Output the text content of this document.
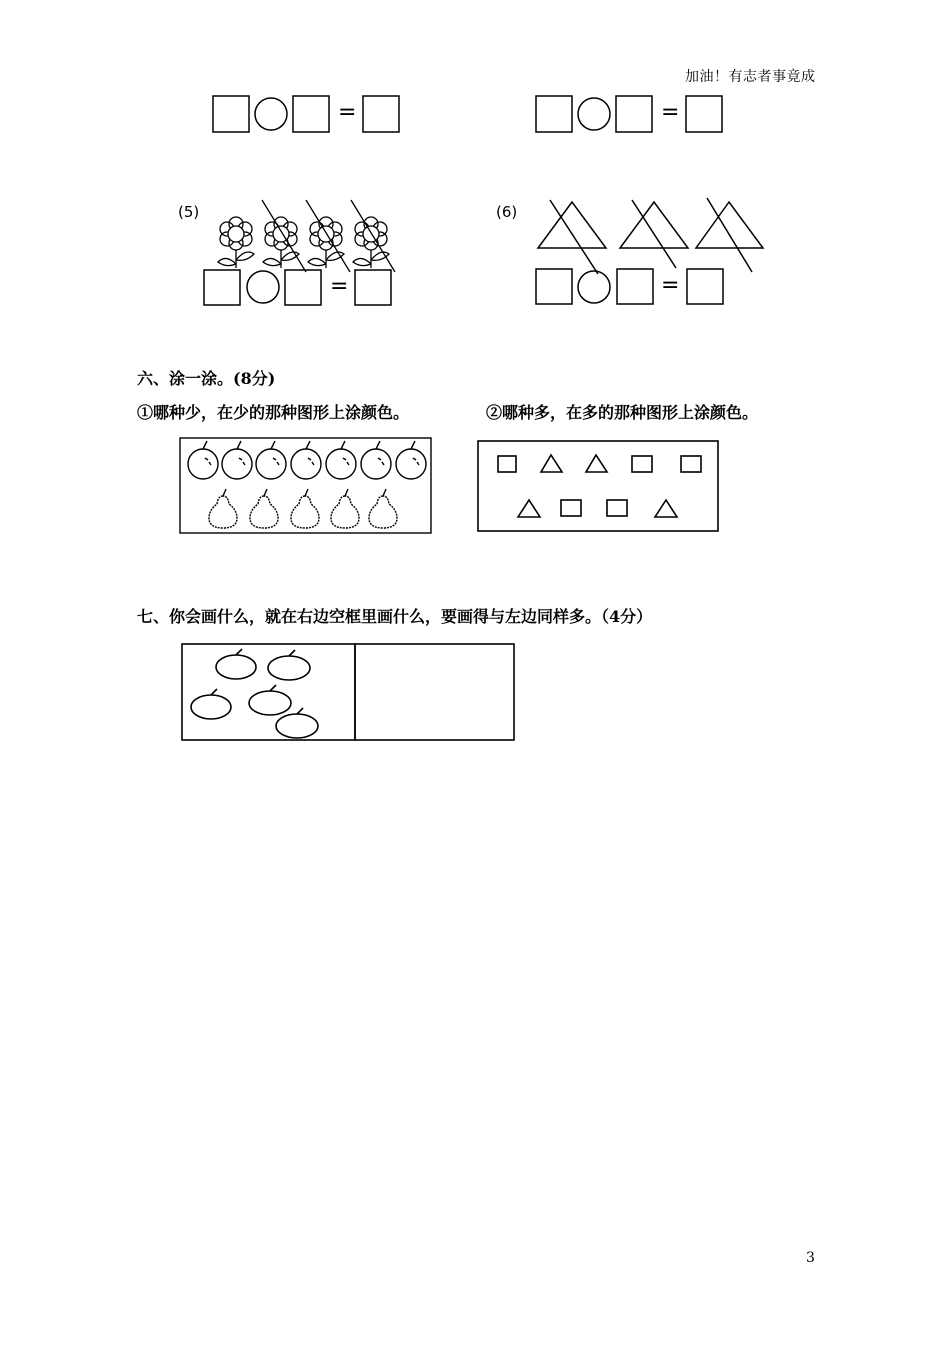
加油！有志者事竟成
=	=
=	=
(5)	(6)
六、涂一涂。(8分)
①哪种少，在少的那种图形上涂颜色。	②哪种多，在多的那种图形上涂颜色。
七、你会画什么，就在右边空框里画什么，要画得与左边同样多。（4分）
3
